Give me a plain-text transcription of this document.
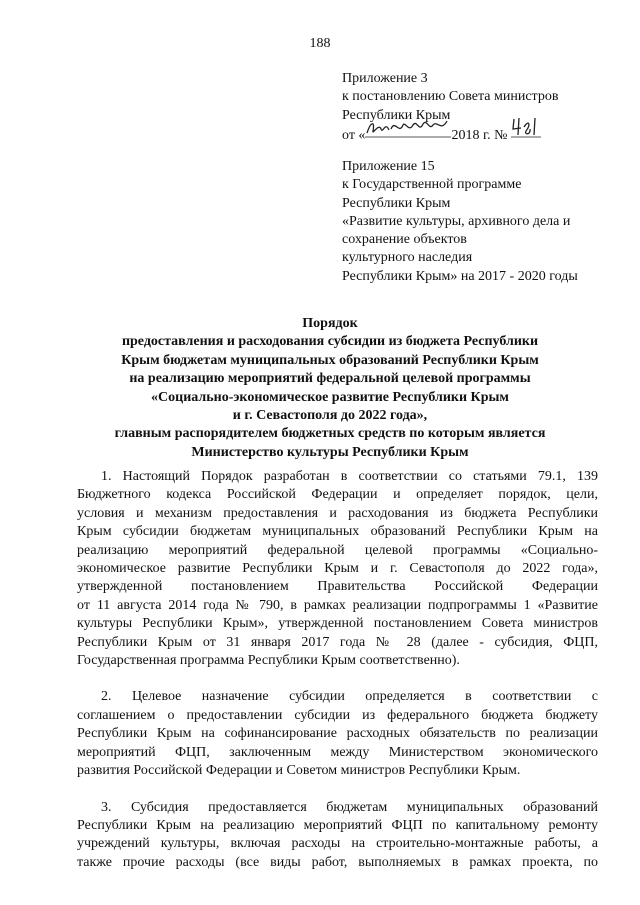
188
Приложение 3
к постановлению Совета министров
Республики Крым
от «	2018 г. №
Приложение 15
к Государственной программе
Республики Крым
«Развитие культуры, архивного дела и
сохранение объектов
культурного наследия
Республики Крым» на 2017 - 2020 годы
Порядок
предоставления и расходования субсидии из бюджета Республики
Крым бюджетам муниципальных образований Республики Крым
на реализацию мероприятий федеральной целевой программы
«Социально-экономическое развитие Республики Крым
и г. Севастополя до 2022 года»,
главным распорядителем бюджетных средств по которым является
Министерство культуры Республики Крым
1. Настоящий Порядок разработан в соответствии со статьями 79.1, 139
Бюджетного кодекса Российской Федерации и определяет порядок, цели,
условия и механизм предоставления и расходования из бюджета Республики
Крым субсидии бюджетам муниципальных образований Республики Крым на
реализацию мероприятий федеральной целевой программы «Социально-
экономическое развитие Республики Крым и г. Севастополя до 2022 года»,
утвержденной постановлением Правительства Российской Федерации
от 11 августа 2014 года № 790, в рамках реализации подпрограммы 1 «Развитие
культуры Республики Крым», утвержденной постановлением Совета министров
Республики Крым от 31 января 2017 года № 28 (далее - субсидия, ФЦП,
Государственная программа Республики Крым соответственно).
2. Целевое назначение субсидии определяется в соответствии с
соглашением о предоставлении субсидии из федерального бюджета бюджету
Республики Крым на софинансирование расходных обязательств по реализации
мероприятий ФЦП, заключенным между Министерством экономического
развития Российской Федерации и Советом министров Республики Крым.
3. Субсидия предоставляется бюджетам муниципальных образований
Республики Крым на реализацию мероприятий ФЦП по капитальному ремонту
учреждений культуры, включая расходы на строительно-монтажные работы, а
также прочие расходы (все виды работ, выполняемых в рамках проекта, по
